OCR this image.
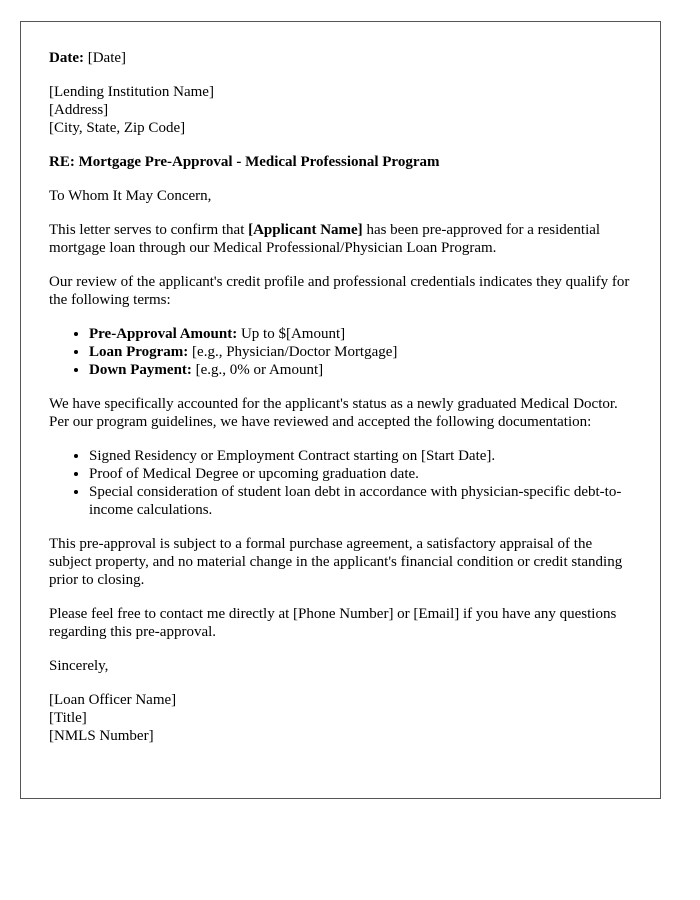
Date: [Date]

[Lending Institution Name]
[Address]
[City, State, Zip Code]

RE: Mortgage Pre-Approval - Medical Professional Program

To Whom It May Concern,

This letter serves to confirm that [Applicant Name] has been pre-approved for a residential mortgage loan through our Medical Professional/Physician Loan Program.

Our review of the applicant's credit profile and professional credentials indicates they qualify for the following terms:

• Pre-Approval Amount: Up to $[Amount]
• Loan Program: [e.g., Physician/Doctor Mortgage]
• Down Payment: [e.g., 0% or Amount]

We have specifically accounted for the applicant's status as a newly graduated Medical Doctor. Per our program guidelines, we have reviewed and accepted the following documentation:

• Signed Residency or Employment Contract starting on [Start Date].
• Proof of Medical Degree or upcoming graduation date.
• Special consideration of student loan debt in accordance with physician-specific debt-to-income calculations.

This pre-approval is subject to a formal purchase agreement, a satisfactory appraisal of the subject property, and no material change in the applicant's financial condition or credit standing prior to closing.

Please feel free to contact me directly at [Phone Number] or [Email] if you have any questions regarding this pre-approval.

Sincerely,

[Loan Officer Name]
[Title]
[NMLS Number]
